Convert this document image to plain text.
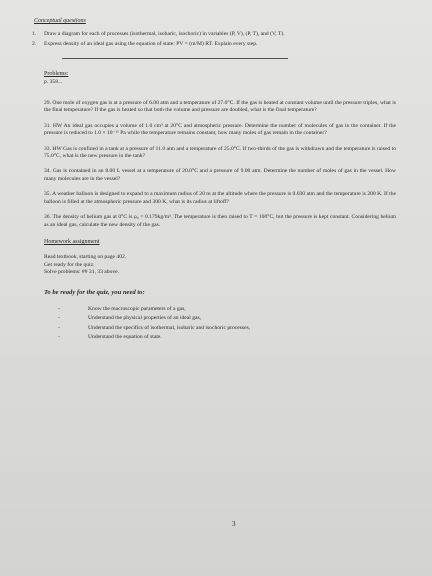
Conceptual questions
1.	Draw a diagram for each of processes (isothermal, isobaric, isochoric) in variables (P, V), (P, T), and (V, T).
2.	Express density of an ideal gas using the equation of state: PV = (m/M) RT. Explain every step.
Problems:
p. 358...
29. One mole of oxygen gas is at a pressure of 6.00 atm and a temperature of 27.0°C. If the gas is heated at constant volume until the pressure triples, what is the final temperature? If the gas is heated so that both the volume and pressure are doubled, what is the final temperature?
31. HW An ideal gas occupies a volume of 1.0 cm³ at 20°C and atmospheric pressure. Determine the number of molecules of gas in the container. If the pressure is reduced to 1.0 × 10⁻¹¹ Pa while the temperature remains constant, how many moles of gas remain in the container?
33. HW Gas is confined in a tank at a pressure of 11.0 atm and a temperature of 25.0°C. If two-thirds of the gas is withdrawn and the temperature is raised to 75.0°C, what is the new pressure in the tank?
34. Gas is contained in an 8.00 L vessel at a temperature of 20.0°C and a pressure of 9.00 atm. Determine the number of moles of gas in the vessel. How many molecules are in the vessel?
35. A weather balloon is designed to expand to a maximum radius of 20 m at the altitude where the pressure is 0.030 atm and the temperature is 200 K. If the balloon is filled at the atmospheric pressure and 300 K, what is its radius at liftoff?
36. The density of helium gas at 0°C is ρ₀ = 0.179kg/m³. The temperature is then raised to T = 100°C, but the pressure is kept constant. Considering helium as an ideal gas, calculate the new density of the gas.
Homework assignment
Read textbook, starting on page 402.
Get ready for the quiz.
Solve problems: ## 31, 33 above.
To be ready for the quiz, you need to:
-	Know the macroscopic parameters of a gas,
-	Understand the physical properties of an ideal gas,
-	Understand the specifics of isothermal, isobaric and isochoric processes,
-	Understand the equation of state.
3
